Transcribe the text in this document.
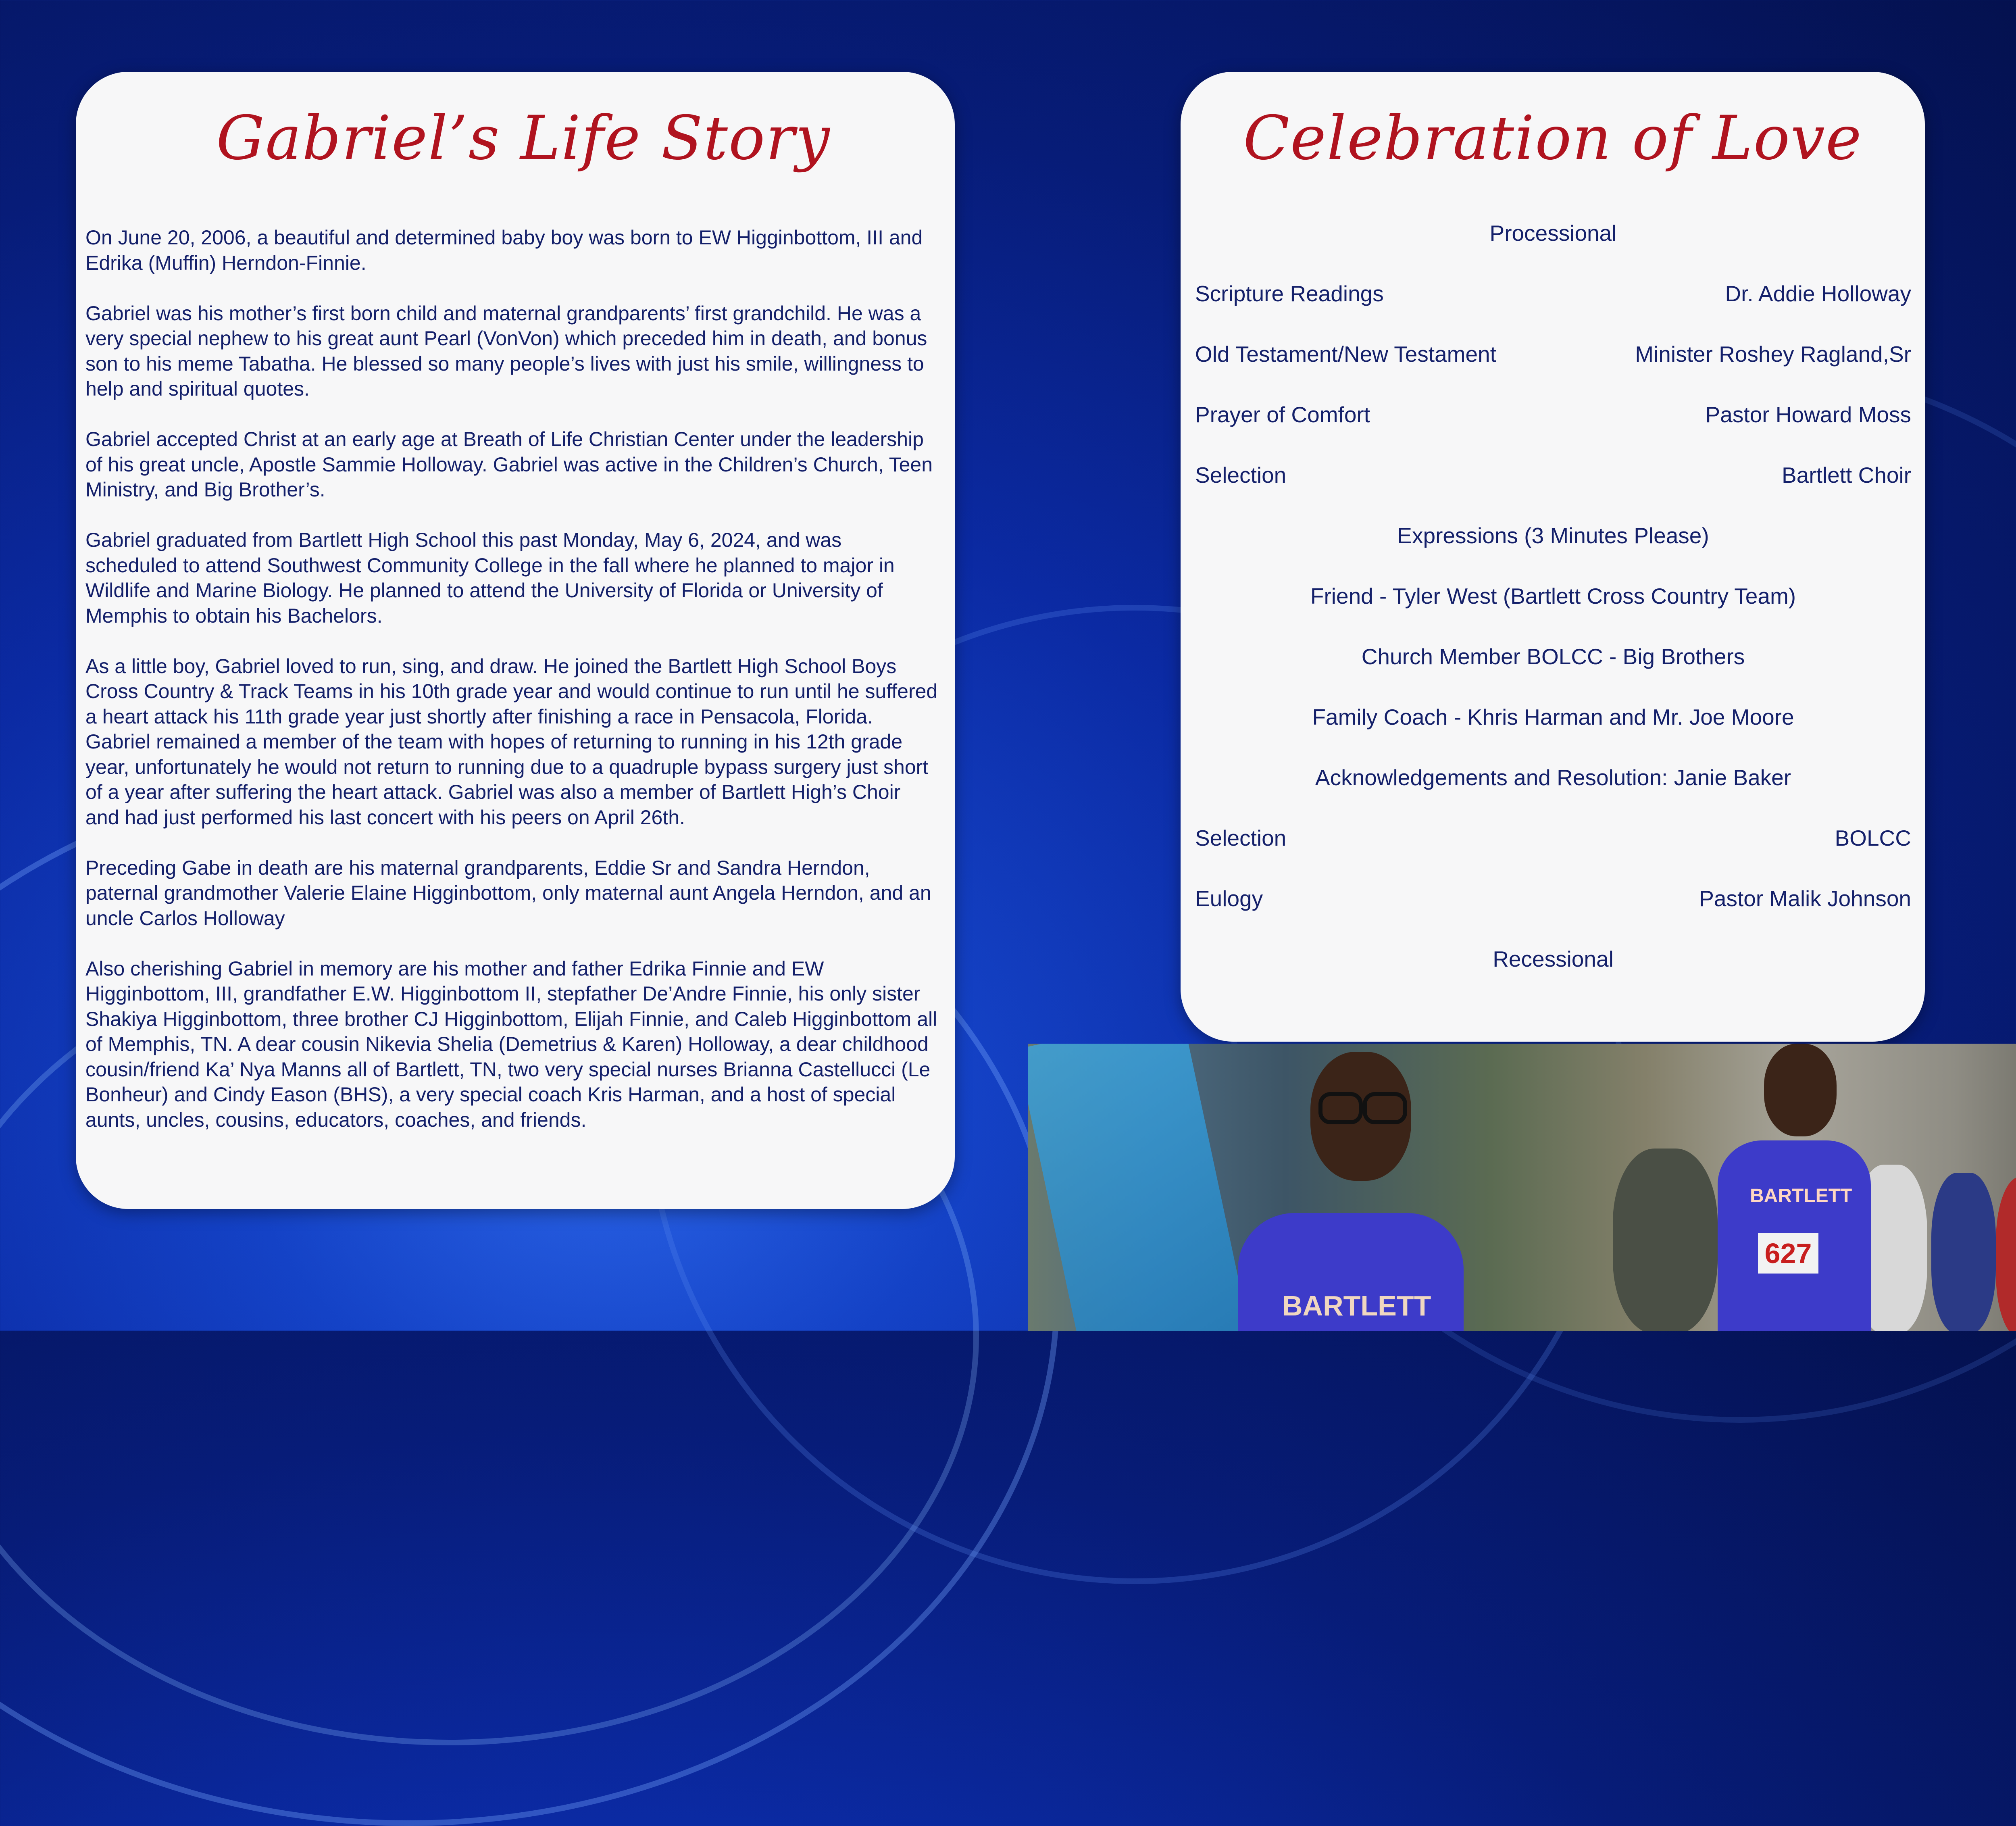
Gabriel’s Life Story

On June 20, 2006, a beautiful and determined baby boy was born to EW Higginbottom, III and Edrika (Muffin) Herndon-Finnie.

Gabriel was his mother’s first born child and maternal grandparents’ first grandchild. He was a very special nephew to his great aunt Pearl (VonVon) which preceded him in death, and bonus son to his meme Tabatha. He blessed so many people’s lives with just his smile, willingness to help and spiritual quotes.

Gabriel accepted Christ at an early age at Breath of Life Christian Center under the leadership of his great uncle, Apostle Sammie Holloway. Gabriel was active in the Children’s Church, Teen Ministry, and Big Brother’s.

Gabriel graduated from Bartlett High School this past Monday, May 6, 2024, and was scheduled to attend Southwest Community College in the fall where he planned to major in Wildlife and Marine Biology. He planned to attend the University of Florida or University of Memphis to obtain his Bachelors.

As a little boy, Gabriel loved to run, sing, and draw. He joined the Bartlett High School Boys Cross Country & Track Teams in his 10th grade year and would continue to run until he suffered a heart attack his 11th grade year just shortly after finishing a race in Pensacola, Florida. Gabriel remained a member of the team with hopes of returning to running in his 12th grade year, unfortunately he would not return to running due to a quadruple bypass surgery just short of a year after suffering the heart attack. Gabriel was also a member of Bartlett High’s Choir and had just performed his last concert with his peers on April 26th.

Preceding Gabe in death are his maternal grandparents, Eddie Sr and Sandra Herndon, paternal grandmother Valerie Elaine Higginbottom, only maternal aunt Angela Herndon, and an uncle Carlos Holloway

Also cherishing Gabriel in memory are his mother and father Edrika Finnie and EW Higginbottom, III, grandfather E.W. Higginbottom II, stepfather De’Andre Finnie, his only sister Shakiya Higginbottom, three brother CJ Higginbottom, Elijah Finnie, and Caleb Higginbottom all of Memphis, TN. A dear cousin Nikevia Shelia (Demetrius & Karen) Holloway, a dear childhood cousin/friend Ka’ Nya Manns all of Bartlett, TN, two very special nurses Brianna Castellucci (Le Bonheur) and Cindy Eason (BHS), a very special coach Kris Harman, and a host of special aunts, uncles, cousins, educators, coaches, and friends.

Celebration of Love
Processional
Scripture Readings	Dr. Addie Holloway
Old Testament/New Testament	Minister Roshey Ragland,Sr
Prayer of Comfort	Pastor Howard Moss
Selection	Bartlett Choir
Expressions (3 Minutes Please)
Friend - Tyler West (Bartlett Cross Country Team)
Church Member BOLCC - Big Brothers
Family Coach - Khris Harman and Mr. Joe Moore
Acknowledgements and Resolution: Janie Baker
Selection	BOLCC
Eulogy	Pastor Malik Johnson
Recessional
BARTLETT
BARTLETT
627
